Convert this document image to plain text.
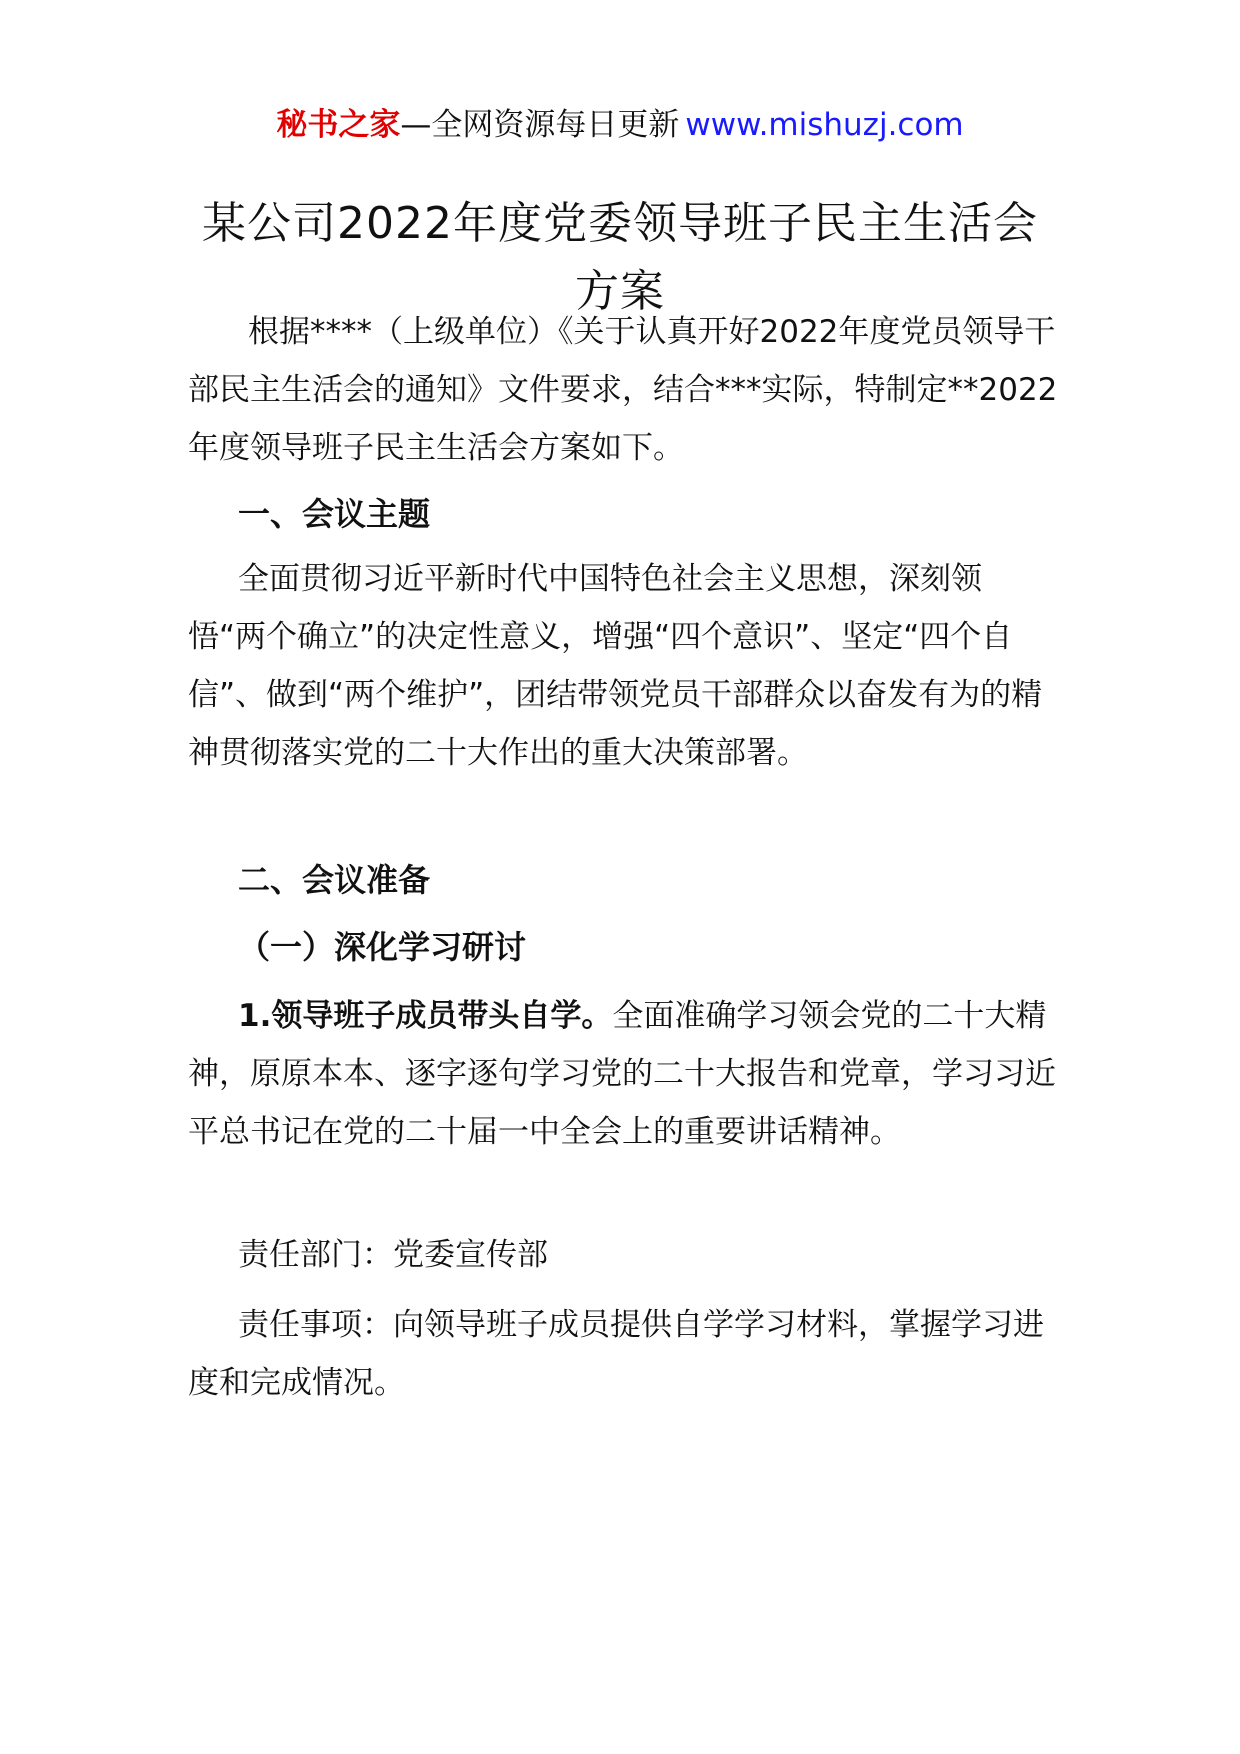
秘书之家—全网资源每日更新 www.mishuzj.com
某公司2022年度党委领导班子民主生活会
方案

根据****（上级单位）《关于认真开好2022年度党员领导干部民主生活会的通知》文件要求，结合***实际，特制定**2022年度领导班子民主生活会方案如下。

一、会议主题

全面贯彻习近平新时代中国特色社会主义思想，深刻领悟“两个确立”的决定性意义，增强“四个意识”、坚定“四个自信”、做到“两个维护”，团结带领党员干部群众以奋发有为的精神贯彻落实党的二十大作出的重大决策部署。

二、会议准备

（一）深化学习研讨

1.领导班子成员带头自学。全面准确学习领会党的二十大精神，原原本本、逐字逐句学习党的二十大报告和党章，学习习近平总书记在党的二十届一中全会上的重要讲话精神。

责任部门：党委宣传部

责任事项：向领导班子成员提供自学学习材料，掌握学习进度和完成情况。
